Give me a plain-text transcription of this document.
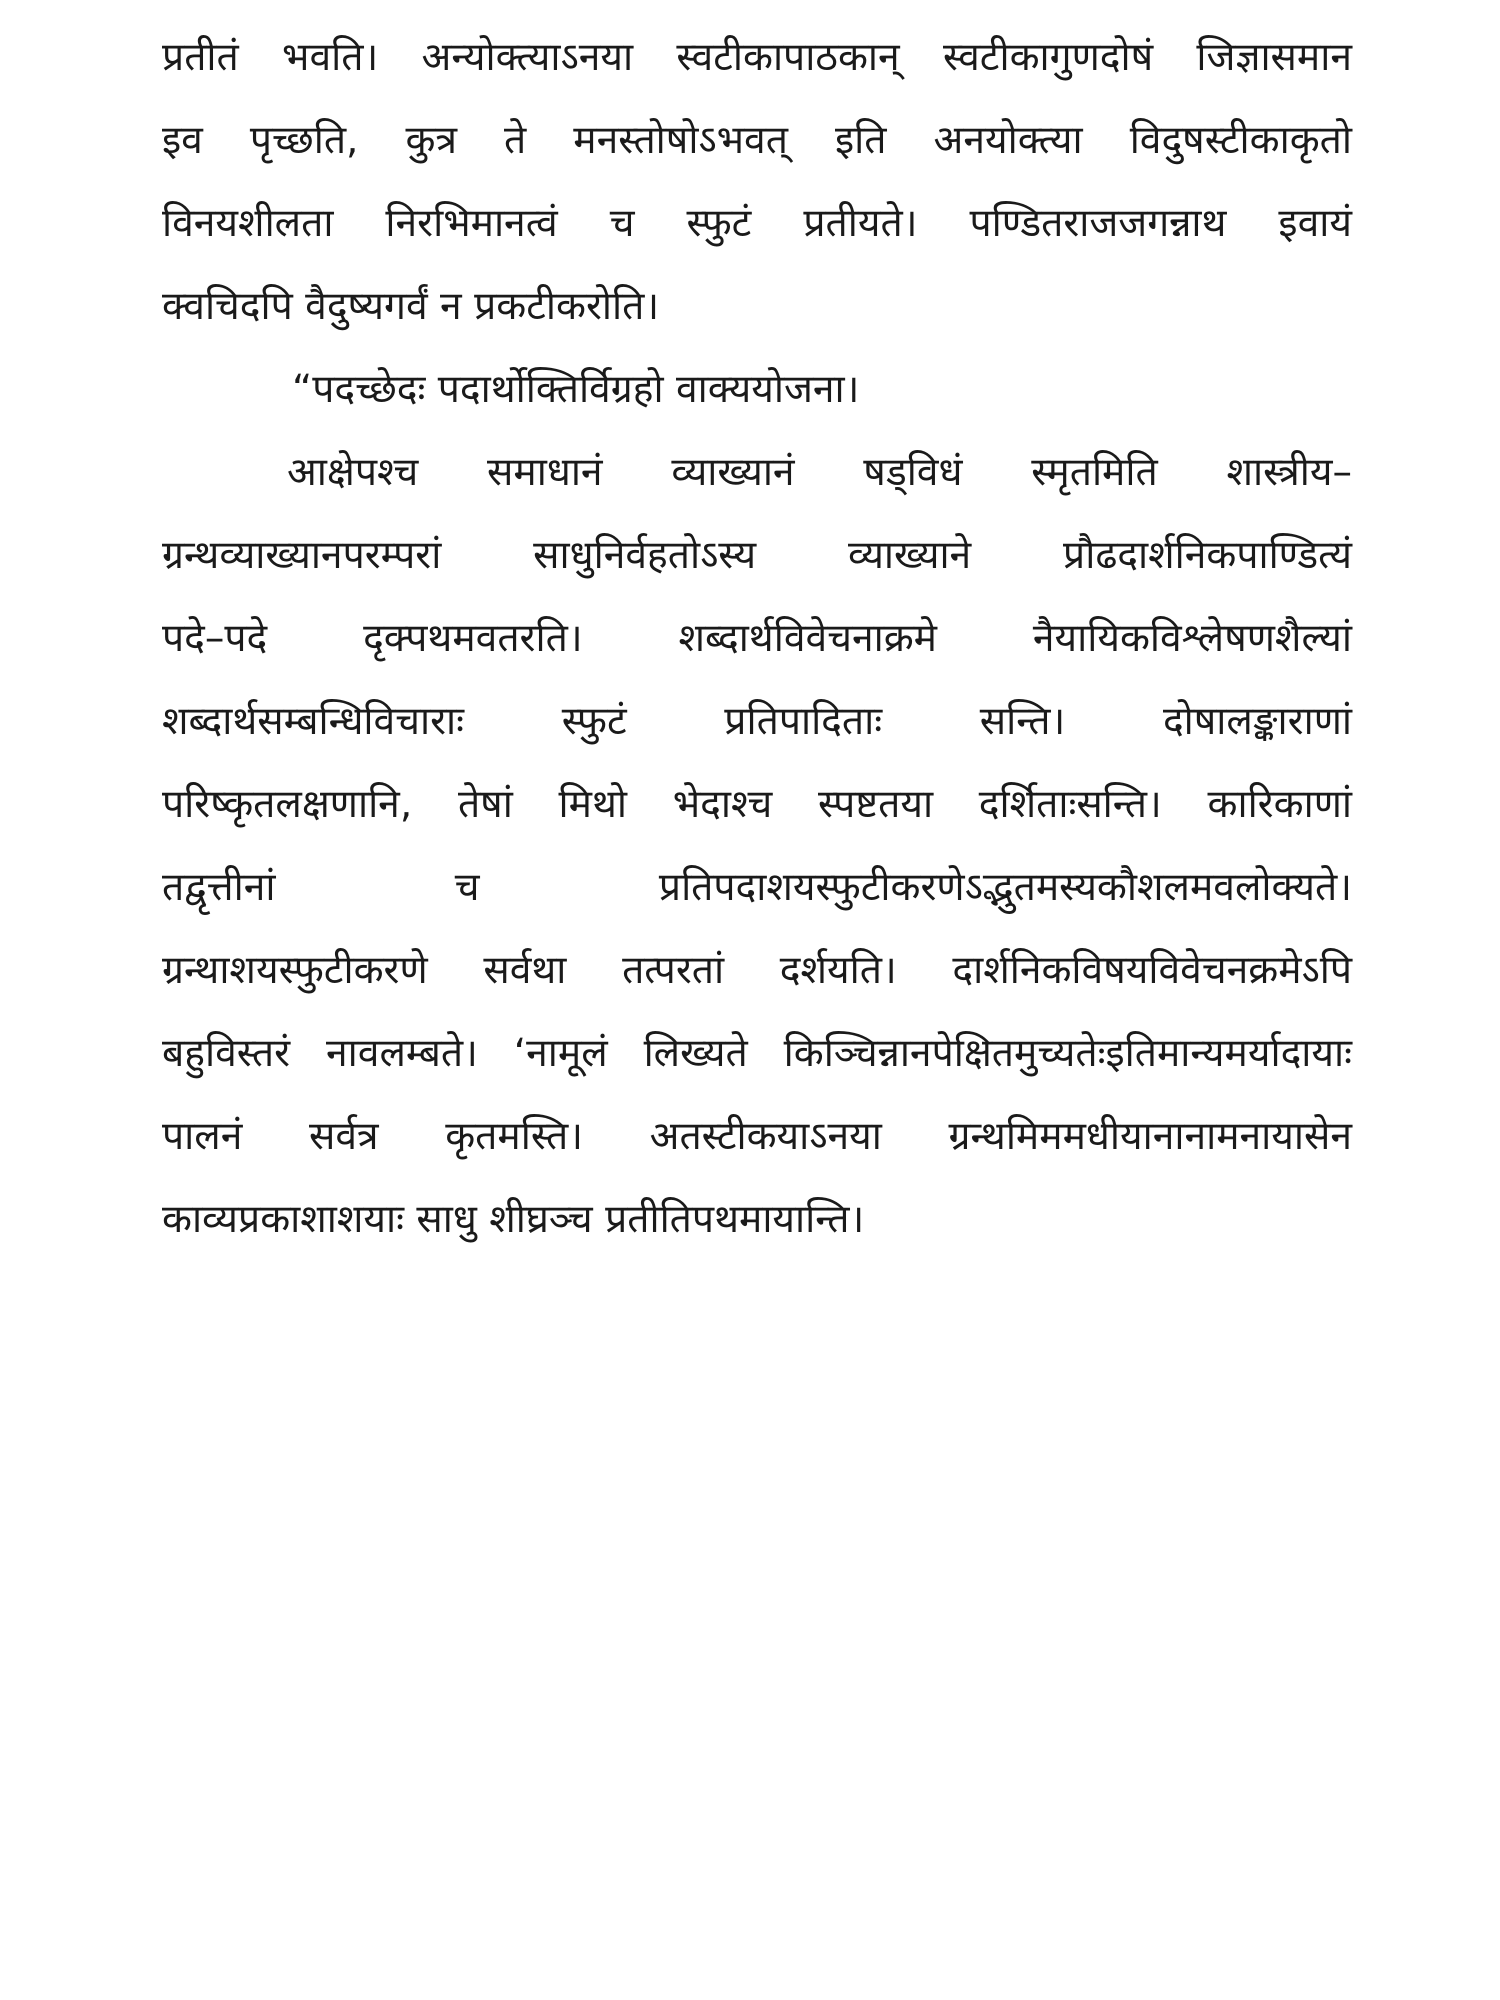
प्रतीतं भवति। अन्योक्त्याऽनया स्वटीकापाठकान् स्वटीकागुणदोषं जिज्ञासमान
इव पृच्छति, कुत्र ते मनस्तोषोऽभवत् इति अनयोक्त्या विदुषस्टीकाकृतो
विनयशीलता निरभिमानत्वं च स्फुटं प्रतीयते। पण्डितराजजगन्नाथ इवायं
क्वचिदपि वैदुष्यगर्वं न प्रकटीकरोति।
“पदच्छेदः पदार्थोक्तिर्विग्रहो वाक्ययोजना।
आक्षेपश्च समाधानं व्याख्यानं षड्विधं स्मृतमिति शास्त्रीय–
ग्रन्थव्याख्यानपरम्परां साधुनिर्वहतोऽस्य व्याख्याने प्रौढदार्शनिकपाण्डित्यं
पदे–पदे दृक्पथमवतरति। शब्दार्थविवेचनाक्रमे नैयायिकविश्लेषणशैल्यां
शब्दार्थसम्बन्धिविचाराः स्फुटं प्रतिपादिताः सन्ति। दोषालङ्काराणां
परिष्कृतलक्षणानि, तेषां मिथो भेदाश्च स्पष्टतया दर्शिताःसन्ति। कारिकाणां
तद्वृत्तीनां च प्रतिपदाशयस्फुटीकरणेऽद्भुतमस्यकौशलमवलोक्यते।
ग्रन्थाशयस्फुटीकरणे सर्वथा तत्परतां दर्शयति। दार्शनिकविषयविवेचनक्रमेऽपि
बहुविस्तरं नावलम्बते। ‘नामूलं लिख्यते किञ्चिन्नानपेक्षितमुच्यतेःइतिमान्यमर्यादायाः
पालनं सर्वत्र कृतमस्ति। अतस्टीकयाऽनया ग्रन्थमिममधीयानानामनायासेन
काव्यप्रकाशाशयाः साधु शीघ्रञ्च प्रतीतिपथमायान्ति।
